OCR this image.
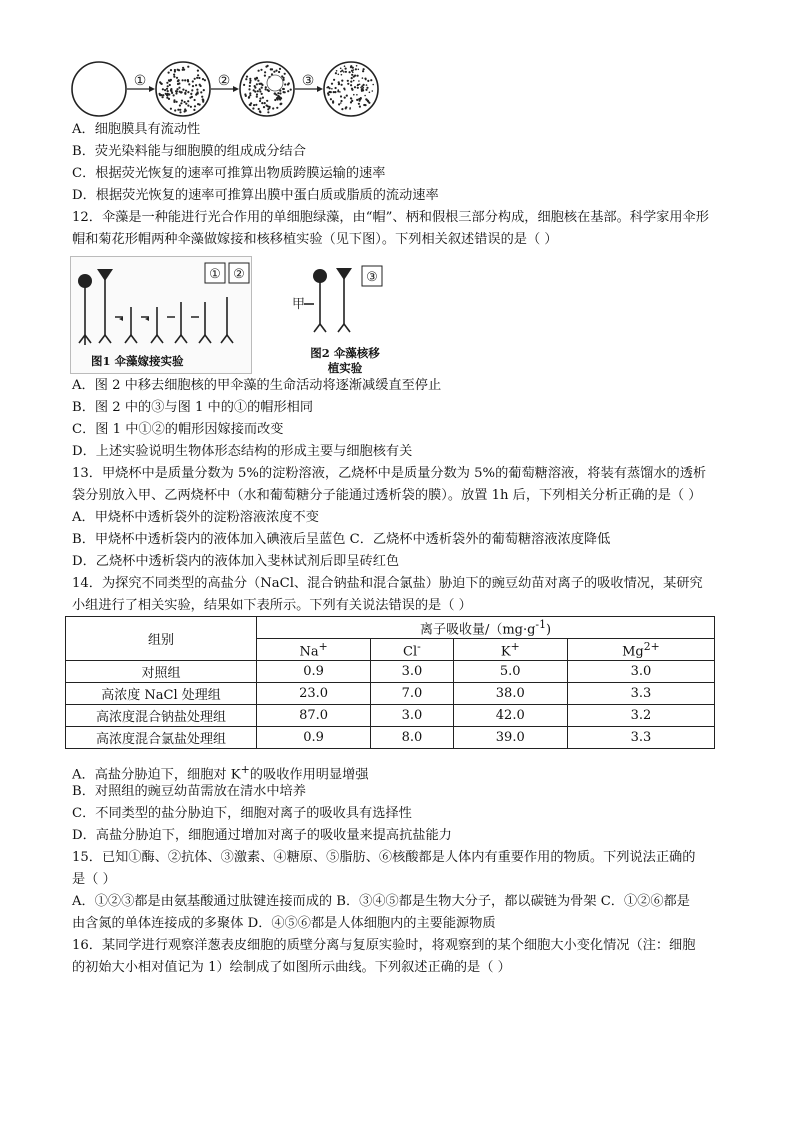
①	②	③
A．细胞膜具有流动性
B．荧光染料能与细胞膜的组成成分结合
C．根据荧光恢复的速率可推算出物质跨膜运输的速率
D．根据荧光恢复的速率可推算出膜中蛋白质或脂质的流动速率
12．伞藻是一种能进行光合作用的单细胞绿藻，由“帽”、柄和假根三部分构成，细胞核在基部。科学家用伞形
帽和菊花形帽两种伞藻做嫁接和核移植实验（见下图）。下列相关叙述错误的是（ ）
① ②
图1 伞藻嫁接实验
③
甲
图2 伞藻核移
植实验
A．图 2 中移去细胞核的甲伞藻的生命活动将逐渐减缓直至停止
B．图 2 中的③与图 1 中的①的帽形相同
C．图 1 中①②的帽形因嫁接而改变
D．上述实验说明生物体形态结构的形成主要与细胞核有关
13．甲烧杯中是质量分数为 5%的淀粉溶液，乙烧杯中是质量分数为 5%的葡萄糖溶液，将装有蒸馏水的透析
袋分别放入甲、乙两烧杯中（水和葡萄糖分子能通过透析袋的膜）。放置 1h 后，下列相关分析正确的是（ ）
A．甲烧杯中透析袋外的淀粉溶液浓度不变
B．甲烧杯中透析袋内的液体加入碘液后呈蓝色 C．乙烧杯中透析袋外的葡萄糖溶液浓度降低
D．乙烧杯中透析袋内的液体加入斐林试剂后即呈砖红色
14．为探究不同类型的高盐分（NaCl、混合钠盐和混合氯盐）胁迫下的豌豆幼苗对离子的吸收情况，某研究
小组进行了相关实验，结果如下表所示。下列有关说法错误的是（ ）
组别	离子吸收量$/(mg\cdot g^{-1})$			
	Na+	Cl-	K+	$Mg^{2+}$
对照组	0.9	3.0	5.0	3.0
高浓度 NaCl 处理组	23.0	7.0	38.0	3.3
高浓度混合钠盐处理组	87.0	3.0	42.0	3.2
高浓度混合氯盐处理组	0.9	8.0	39.0	3.3
A．高盐分胁迫下，细胞对 K+的吸收作用明显增强
B．对照组的豌豆幼苗需放在清水中培养
C．不同类型的盐分胁迫下，细胞对离子的吸收具有选择性
D．高盐分胁迫下，细胞通过增加对离子的吸收量来提高抗盐能力
15．已知①酶、②抗体、③激素、④糖原、⑤脂肪、⑥核酸都是人体内有重要作用的物质。下列说法正确的
是（ ）
A．①②③都是由氨基酸通过肽键连接而成的 B．③④⑤都是生物大分子，都以碳链为骨架 C．①②⑥都是
由含氮的单体连接成的多聚体 D．④⑤⑥都是人体细胞内的主要能源物质
16．某同学进行观察洋葱表皮细胞的质壁分离与复原实验时，将观察到的某个细胞大小变化情况（注：细胞
的初始大小相对值记为 1）绘制成了如图所示曲线。下列叙述正确的是（ ）
